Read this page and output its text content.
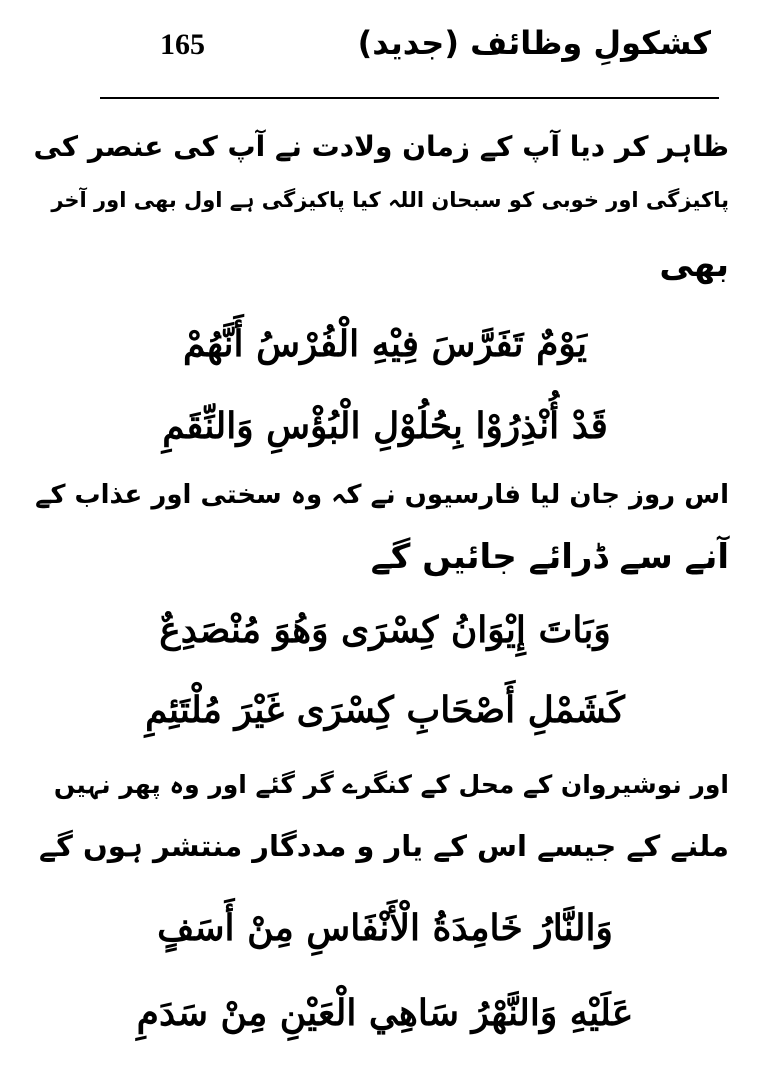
165	کشکولِ وظائف (جدید)
ظاہر کر دیا آپ کے زمان ولادت نے آپ کی عنصر کی
پاکیزگی اور خوبی کو سبحان اللہ کیا پاکیزگی ہے اول بھی اور آخر
بھی
يَوْمٌ تَفَرَّسَ فِيْهِ الْفُرْسُ أَنَّهُمْ
قَدْ أُنْذِرُوْا بِحُلُوْلِ الْبُؤْسِ وَالنِّقَمِ
اس روز جان لیا فارسیوں نے کہ وہ سختی اور عذاب کے
آنے سے ڈرائے جائیں گے
وَبَاتَ إِيْوَانُ كِسْرَى وَهُوَ مُنْصَدِعٌ
كَشَمْلِ أَصْحَابِ كِسْرَى غَيْرَ مُلْتَئِمِ
اور نوشیروان کے محل کے کنگرے گر گئے اور وہ پھر نہیں
ملنے کے جیسے اس کے یار و مددگار منتشر ہوں گے
وَالنَّارُ خَامِدَةُ الْأَنْفَاسِ مِنْ أَسَفٍ
عَلَيْهِ وَالنَّهْرُ سَاهِي الْعَيْنِ مِنْ سَدَمِ
